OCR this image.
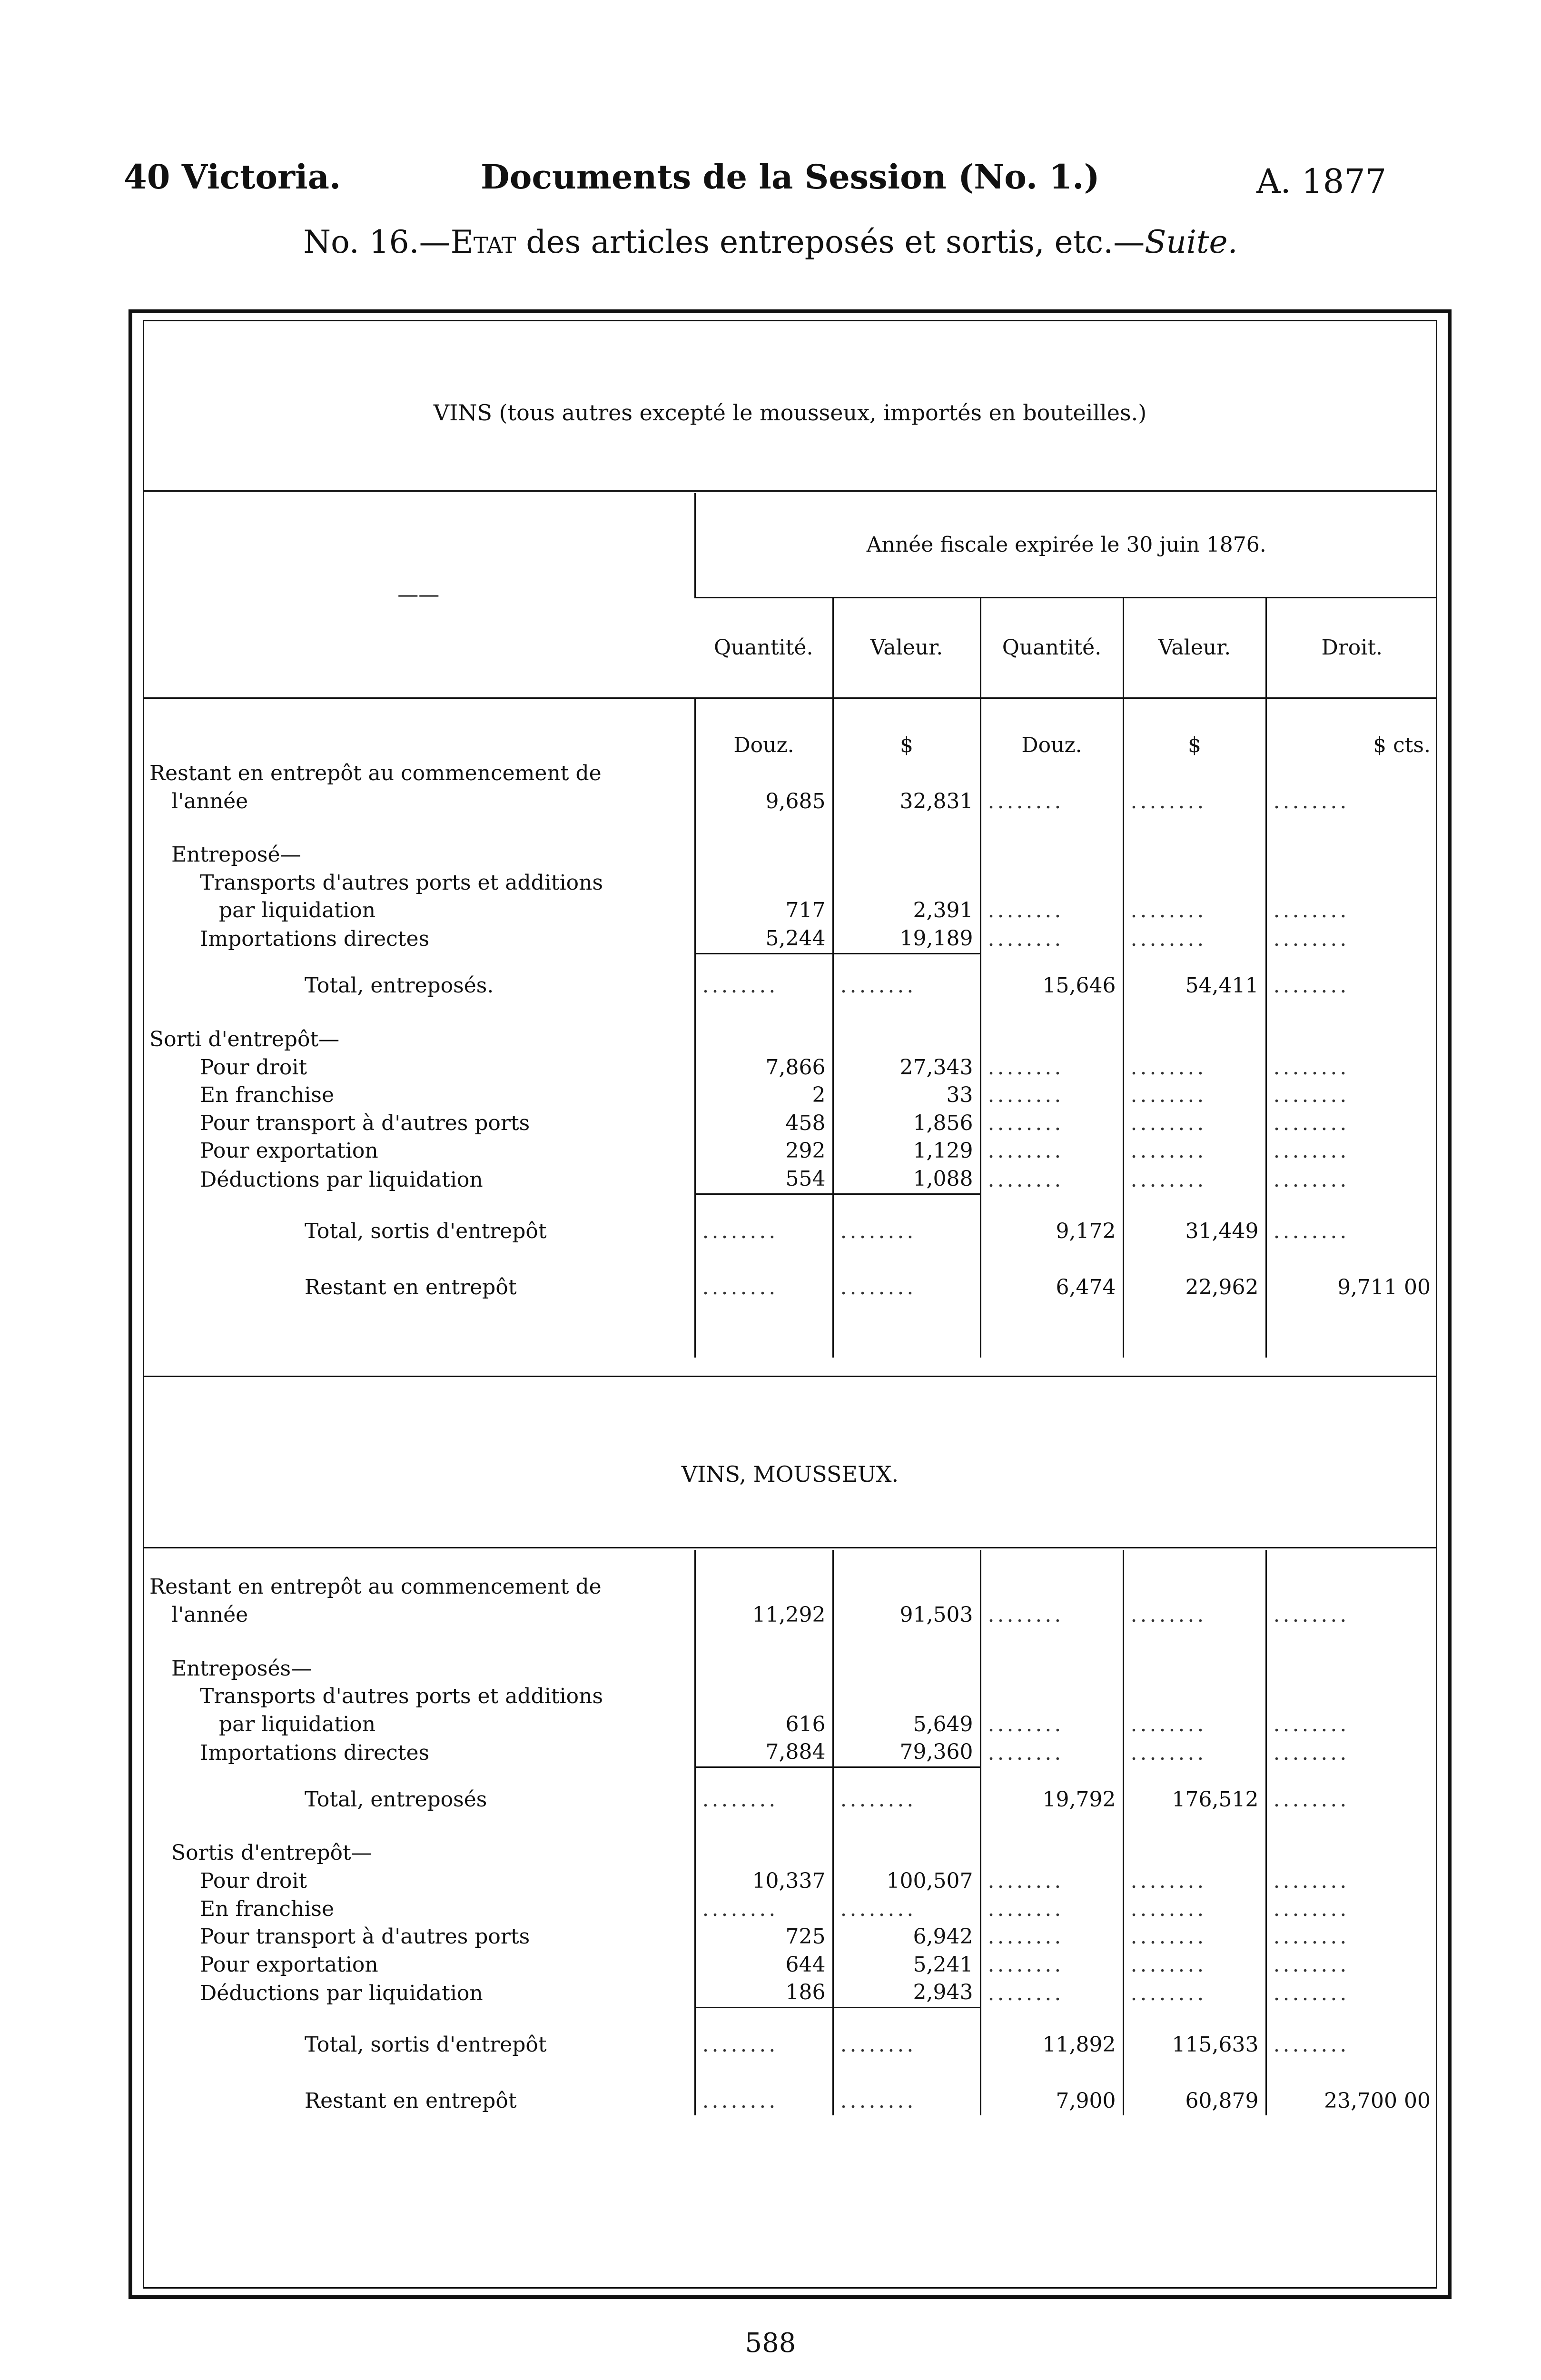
40 Victoria.	Documents de la Session (No. 1.)	A. 1877
No. 16.—Etat des articles entreposés et sortis, etc.—Suite.
VINS (tous autres excepté le mousseux, importés en bouteilles.)
——	Année fiscale expirée le 30 juin 1876.				
	Quantité.	Valeur.	Quantité.	Valeur.	Droit.
	Douz.	$	Douz.	$	$ cts.
Restant en entrepôt au commencement de					
l'année	9,685	32,831	........	........	........

Entreposé—					
Transports d'autres ports et additions					
par liquidation	717	2,391	........	........	........
Importations directes	5,244	19,189	........	........	........
Total, entreposés.	........	........	15,646	54,411	........

Sorti d'entrepôt—					
Pour droit	7,866	27,343	........	........	........
En franchise	2	33	........	........	........
Pour transport à d'autres ports	458	1,856	........	........	........
Pour exportation	292	1,129	........	........	........
Déductions par liquidation	554	1,088	........	........	........
Total, sortis d'entrepôt	........	........	9,172	31,449	........
Restant en entrepôt	........	........	6,474	22,962	9,711 00

VINS, MOUSSEUX.
Restant en entrepôt au commencement de					
l'année	11,292	91,503	........	........	........

Entreposés—					
Transports d'autres ports et additions					
par liquidation	616	5,649	........	........	........
Importations directes	7,884	79,360	........	........	........
Total, entreposés	........	........	19,792	176,512	........

Sortis d'entrepôt—					
Pour droit	10,337	100,507	........	........	........
En franchise	........	........	........	........	........
Pour transport à d'autres ports	725	6,942	........	........	........
Pour exportation	644	5,241	........	........	........
Déductions par liquidation	186	2,943	........	........	........
Total, sortis d'entrepôt	........	........	11,892	115,633	........
Restant en entrepôt	........	........	7,900	60,879	23,700 00
588
